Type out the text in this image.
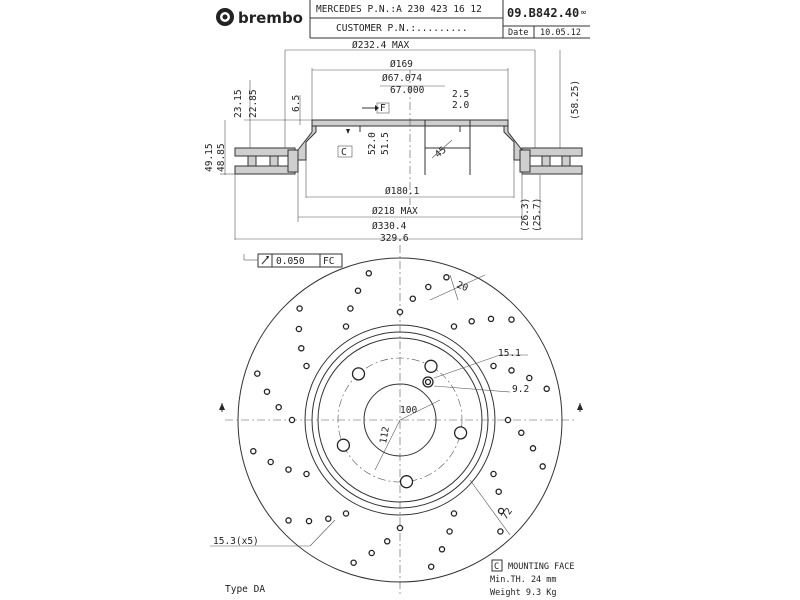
brembo MERCEDES P.N.:A 230 423 16 12
CUSTOMER P.N.:.........
09.B842.40 ∞
Date 10.05.12
Ø232.4 MAX
Ø169
Ø67.074
67.000	2.5
2.0
F
C 52.0 51.5	45
Ø180.1
Ø218 MAX
Ø330.4
329.6
23.15 22.85	6.5
49.15 48.85
(58.25)
(26.3) (25.7)
0.050 FC
20
15.1
9.2
100
112
72
15.3(x5)
C MOUNTING FACE
Min.TH. 24 mm
Weight 9.3 Kg
Type DA
